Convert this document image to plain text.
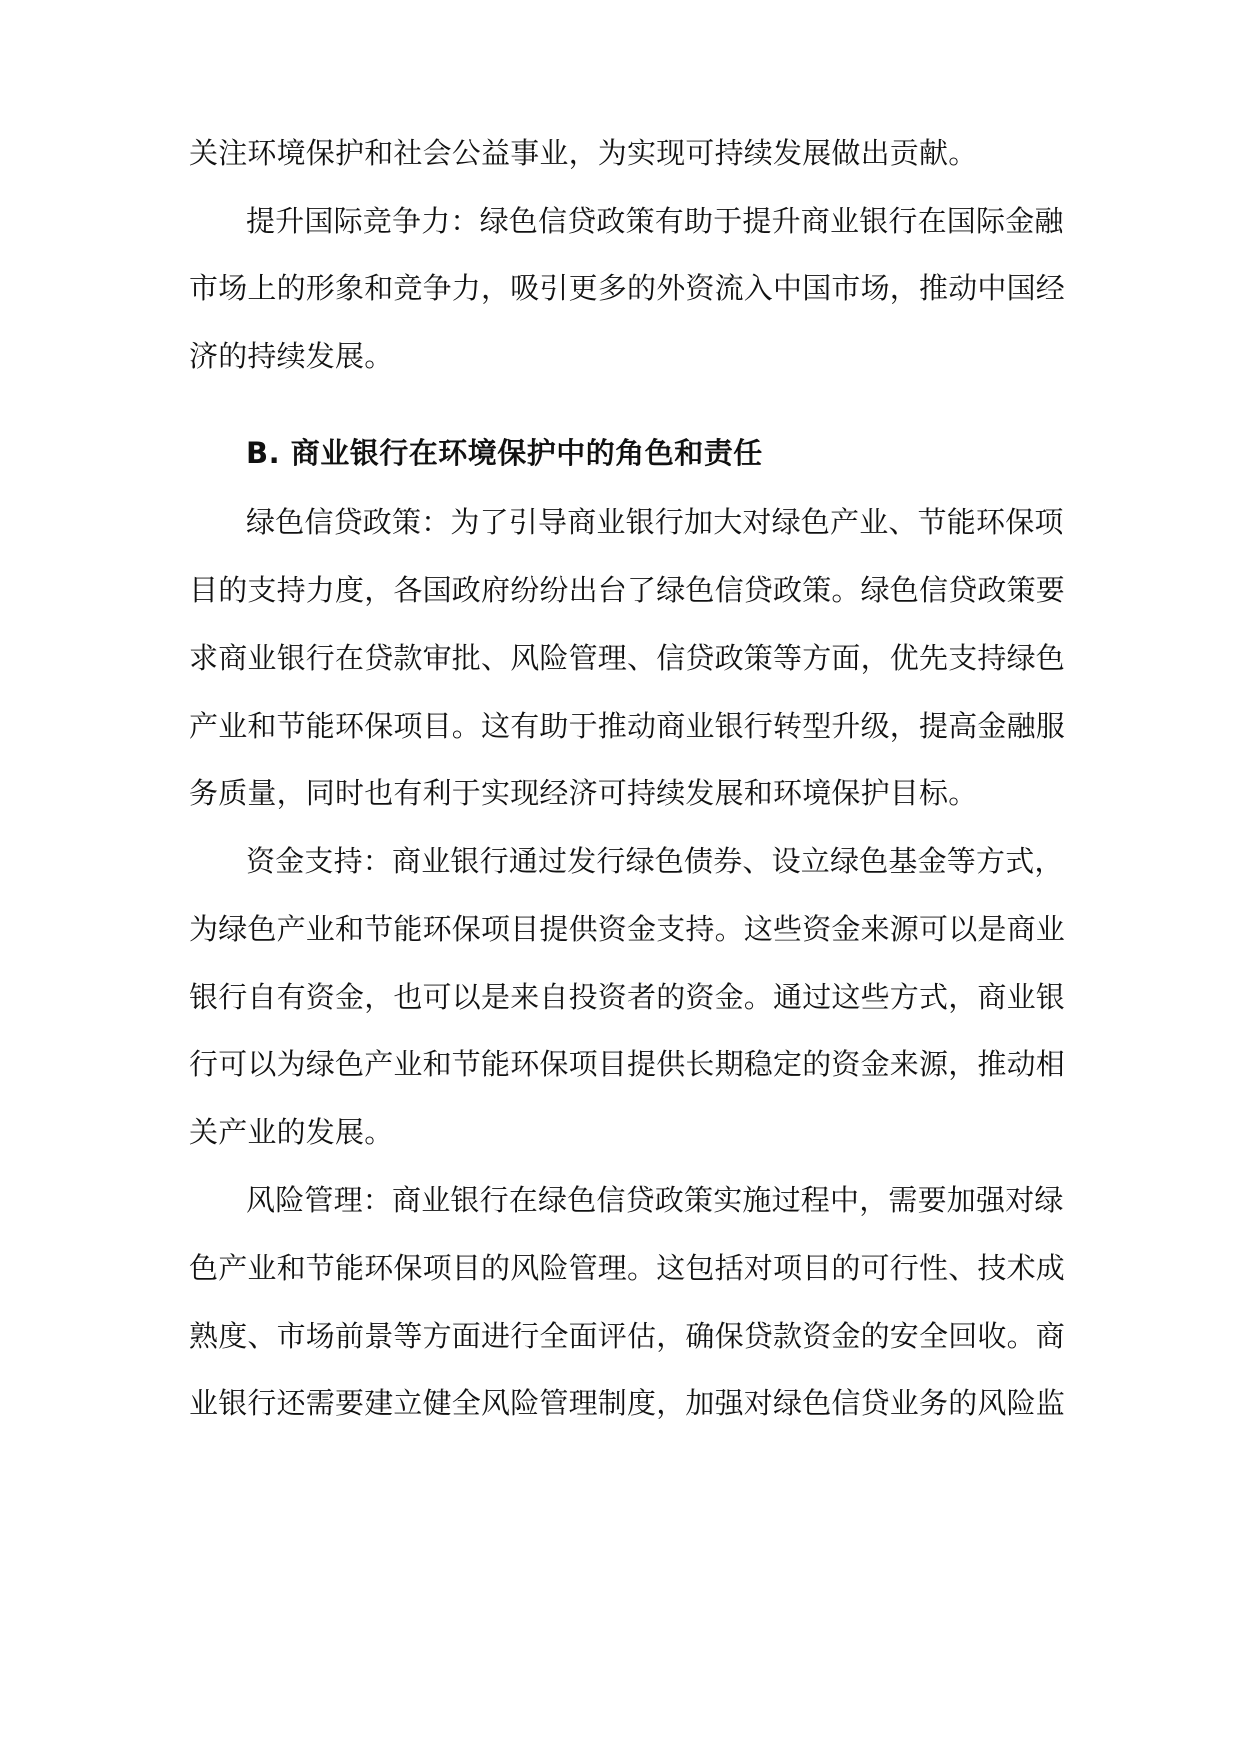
关注环境保护和社会公益事业，为实现可持续发展做出贡献。
提升国际竞争力：绿色信贷政策有助于提升商业银行在国际金融
市场上的形象和竞争力，吸引更多的外资流入中国市场，推动中国经
济的持续发展。
B. 商业银行在环境保护中的角色和责任
绿色信贷政策：为了引导商业银行加大对绿色产业、节能环保项
目的支持力度，各国政府纷纷出台了绿色信贷政策。绿色信贷政策要
求商业银行在贷款审批、风险管理、信贷政策等方面，优先支持绿色
产业和节能环保项目。这有助于推动商业银行转型升级，提高金融服
务质量，同时也有利于实现经济可持续发展和环境保护目标。
资金支持：商业银行通过发行绿色债券、设立绿色基金等方式，
为绿色产业和节能环保项目提供资金支持。这些资金来源可以是商业
银行自有资金，也可以是来自投资者的资金。通过这些方式，商业银
行可以为绿色产业和节能环保项目提供长期稳定的资金来源，推动相
关产业的发展。
风险管理：商业银行在绿色信贷政策实施过程中，需要加强对绿
色产业和节能环保项目的风险管理。这包括对项目的可行性、技术成
熟度、市场前景等方面进行全面评估，确保贷款资金的安全回收。商
业银行还需要建立健全风险管理制度，加强对绿色信贷业务的风险监
